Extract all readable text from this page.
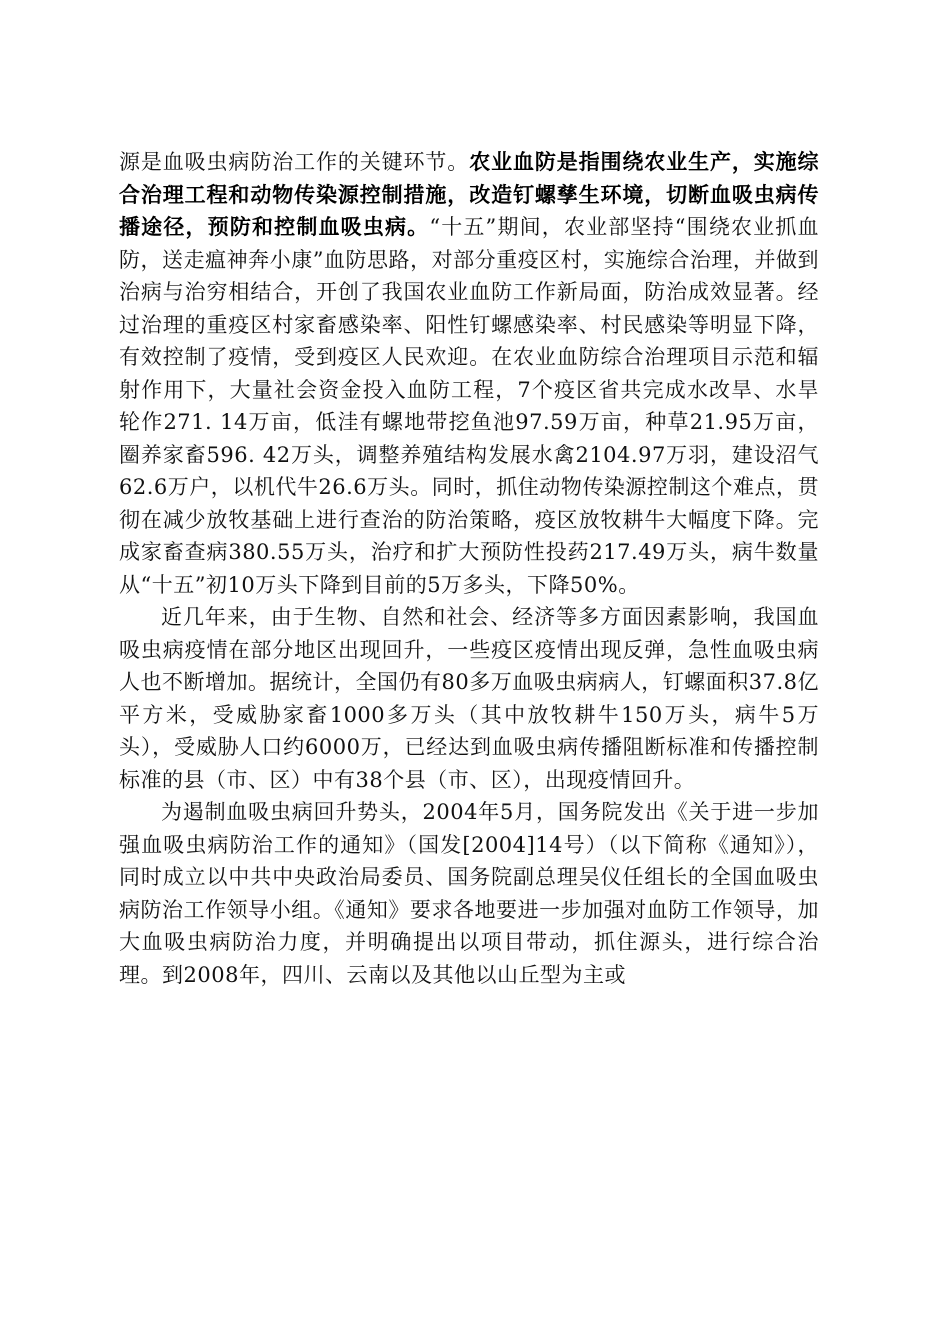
源是血吸虫病防治工作的关键环节。农业血防是指围绕农业生产，实施综合治理工程和动物传染源控制措施，改造钉螺孳生环境，切断血吸虫病传播途径，预防和控制血吸虫病。“十五”期间，农业部坚持“围绕农业抓血防，送走瘟神奔小康”血防思路，对部分重疫区村，实施综合治理，并做到治病与治穷相结合，开创了我国农业血防工作新局面，防治成效显著。经过治理的重疫区村家畜感染率、阳性钉螺感染率、村民感染等明显下降，有效控制了疫情，受到疫区人民欢迎。在农业血防综合治理项目示范和辐射作用下，大量社会资金投入血防工程，7个疫区省共完成水改旱、水旱轮作271. 14万亩，低洼有螺地带挖鱼池97.59万亩，种草21.95万亩，圈养家畜596. 42万头，调整养殖结构发展水禽2104.97万羽，建设沼气62.6万户，以机代牛26.6万头。同时，抓住动物传染源控制这个难点，贯彻在减少放牧基础上进行查治的防治策略，疫区放牧耕牛大幅度下降。完成家畜查病380.55万头，治疗和扩大预防性投药217.49万头，病牛数量从“十五”初10万头下降到目前的5万多头，下降50%。

近几年来，由于生物、自然和社会、经济等多方面因素影响，我国血吸虫病疫情在部分地区出现回升，一些疫区疫情出现反弹，急性血吸虫病人也不断增加。据统计，全国仍有80多万血吸虫病病人，钉螺面积37.8亿平方米，受威胁家畜1000多万头（其中放牧耕牛150万头，病牛5万头），受威胁人口约6000万，已经达到血吸虫病传播阻断标准和传播控制标准的县（市、区）中有38个县（市、区），出现疫情回升。

为遏制血吸虫病回升势头，2004年5月，国务院发出《关于进一步加强血吸虫病防治工作的通知》（国发[2004]14号）（以下简称《通知》），同时成立以中共中央政治局委员、国务院副总理吴仪任组长的全国血吸虫病防治工作领导小组。《通知》要求各地要进一步加强对血防工作领导，加大血吸虫病防治力度，并明确提出以项目带动，抓住源头，进行综合治理。到2008年，四川、云南以及其他以山丘型为主或
